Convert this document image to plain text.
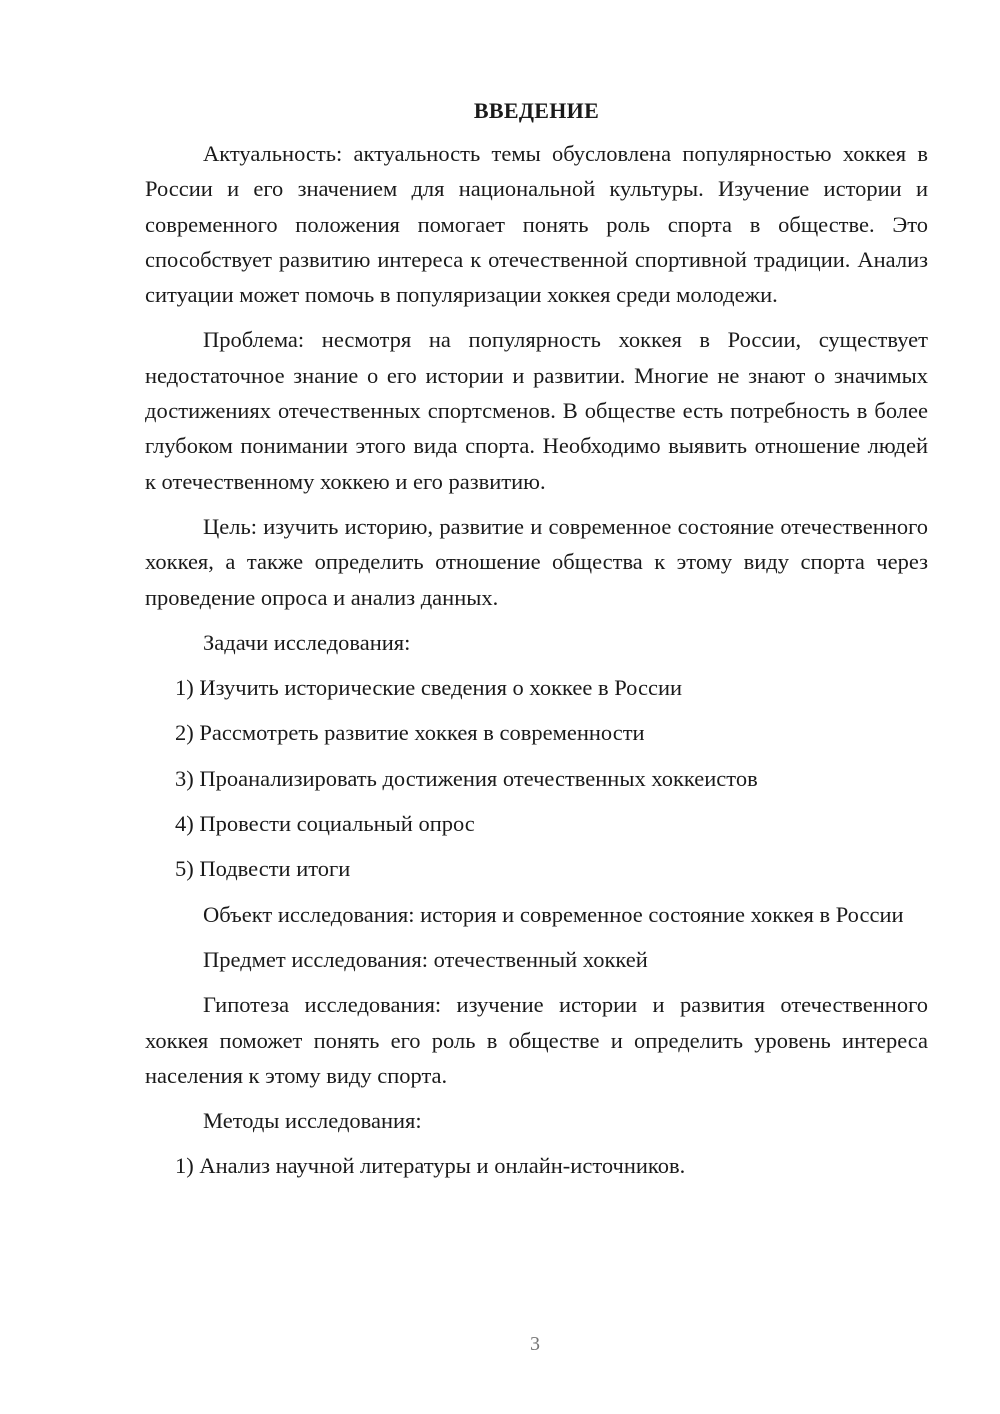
ВВЕДЕНИЕ

Актуальность: актуальность темы обусловлена популярностью хоккея в России и его значением для национальной культуры. Изучение истории и современного положения помогает понять роль спорта в обществе. Это способствует развитию интереса к отечественной спортивной традиции. Анализ ситуации может помочь в популяризации хоккея среди молодежи.

Проблема: несмотря на популярность хоккея в России, существует недостаточное знание о его истории и развитии. Многие не знают о значимых достижениях отечественных спортсменов. В обществе есть потребность в более глубоком понимании этого вида спорта. Необходимо выявить отношение людей к отечественному хоккею и его развитию.

Цель: изучить историю, развитие и современное состояние отечественного хоккея, а также определить отношение общества к этому виду спорта через проведение опроса и анализ данных.

Задачи исследования:

1) Изучить исторические сведения о хоккее в России

2) Рассмотреть развитие хоккея в современности

3) Проанализировать достижения отечественных хоккеистов

4) Провести социальный опрос

5) Подвести итоги

Объект исследования: история и современное состояние хоккея в России

Предмет исследования: отечественный хоккей

Гипотеза исследования: изучение истории и развития отечественного хоккея поможет понять его роль в обществе и определить уровень интереса населения к этому виду спорта.

Методы исследования:

1) Анализ научной литературы и онлайн-источников.

3
